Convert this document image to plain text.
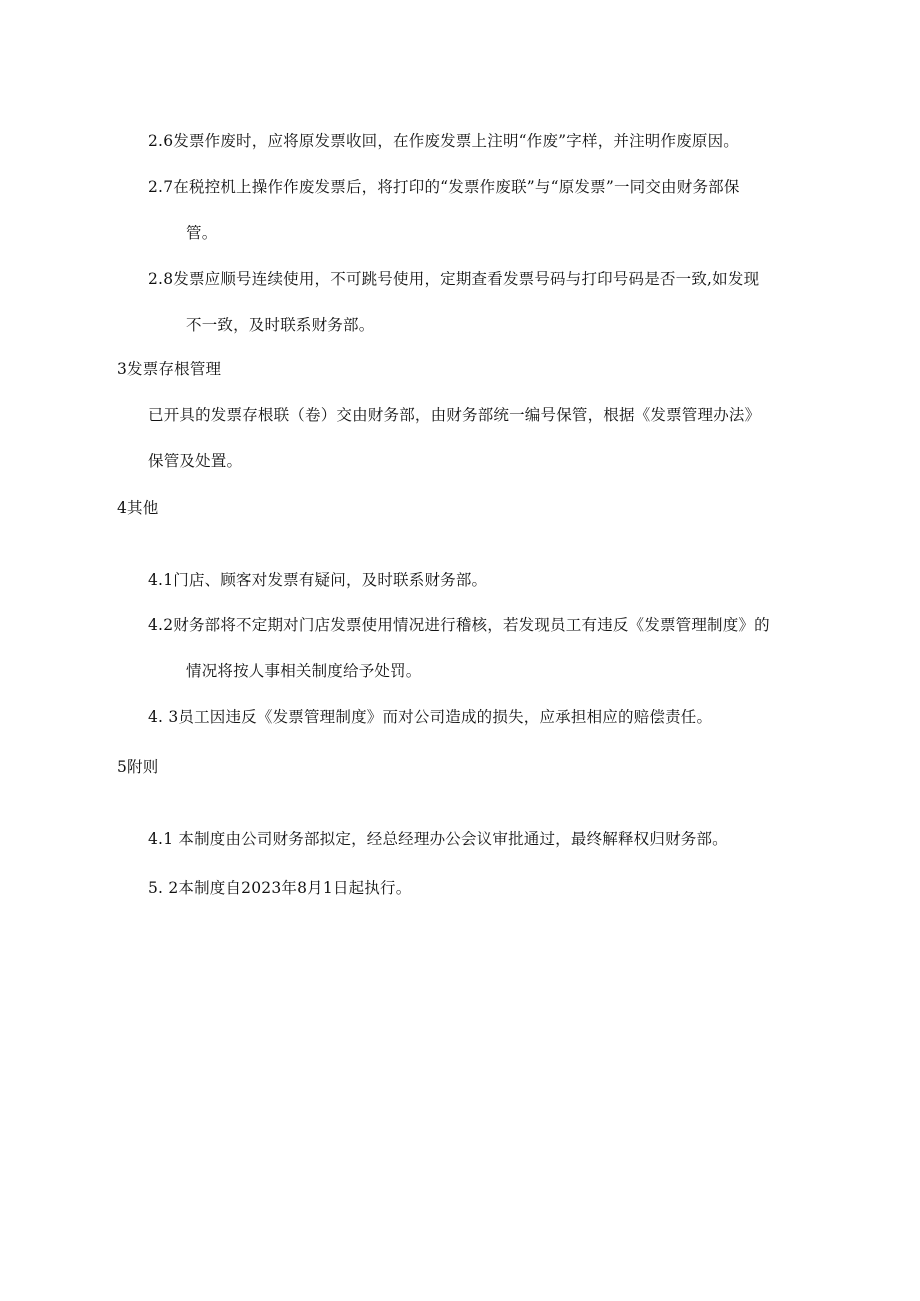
2.6发票作废时，应将原发票收回，在作废发票上注明“作废”字样，并注明作废原因。
2.7在税控机上操作作废发票后，将打印的“发票作废联”与“原发票”一同交由财务部保
管。
2.8发票应顺号连续使用，不可跳号使用，定期查看发票号码与打印号码是否一致,如发现
不一致，及时联系财务部。
3发票存根管理
已开具的发票存根联（卷）交由财务部，由财务部统一编号保管，根据《发票管理办法》
保管及处置。
4其他
4.1门店、顾客对发票有疑问，及时联系财务部。
4.2财务部将不定期对门店发票使用情况进行稽核，若发现员工有违反《发票管理制度》的
情况将按人事相关制度给予处罚。
4. 3员工因违反《发票管理制度》而对公司造成的损失，应承担相应的赔偿责任。
5附则
4.1 本制度由公司财务部拟定，经总经理办公会议审批通过，最终解释权归财务部。
5. 2本制度自2023年8月1日起执行。
